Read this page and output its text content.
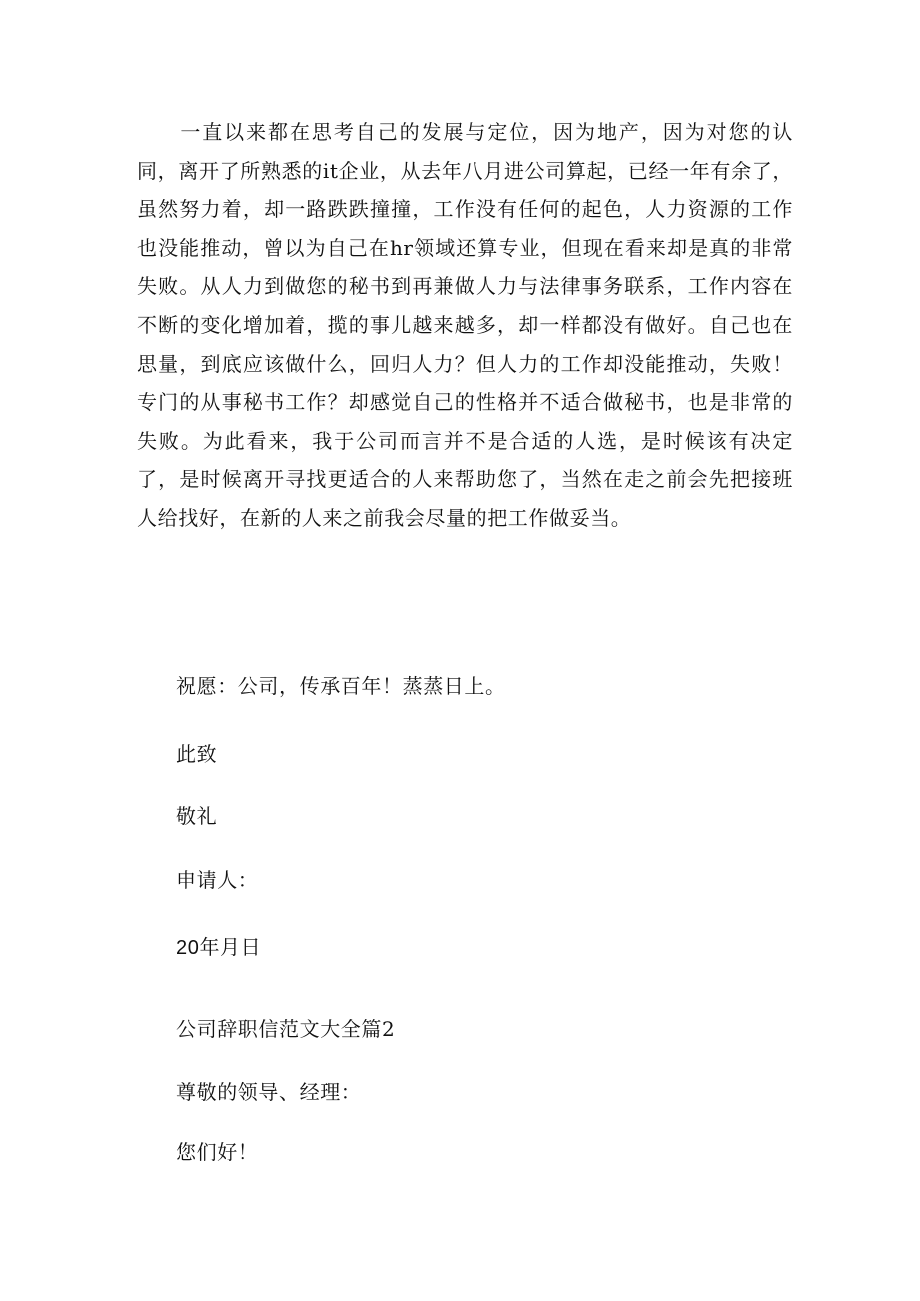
一直以来都在思考自己的发展与定位，因为地产，因为对您的认同，离开了所熟悉的it企业，从去年八月进公司算起，已经一年有余了，虽然努力着，却一路跌跌撞撞，工作没有任何的起色，人力资源的工作也没能推动，曾以为自己在hr领域还算专业，但现在看来却是真的非常失败。从人力到做您的秘书到再兼做人力与法律事务联系，工作内容在不断的变化增加着，揽的事儿越来越多，却一样都没有做好。自己也在思量，到底应该做什么，回归人力？但人力的工作却没能推动，失败！专门的从事秘书工作？却感觉自己的性格并不适合做秘书，也是非常的失败。为此看来，我于公司而言并不是合适的人选，是时候该有决定了，是时候离开寻找更适合的人来帮助您了，当然在走之前会先把接班人给找好，在新的人来之前我会尽量的把工作做妥当。
祝愿：公司，传承百年！蒸蒸日上。
此致
敬礼
申请人：
20年月日
公司辞职信范文大全篇2
尊敬的领导、经理：
您们好！
